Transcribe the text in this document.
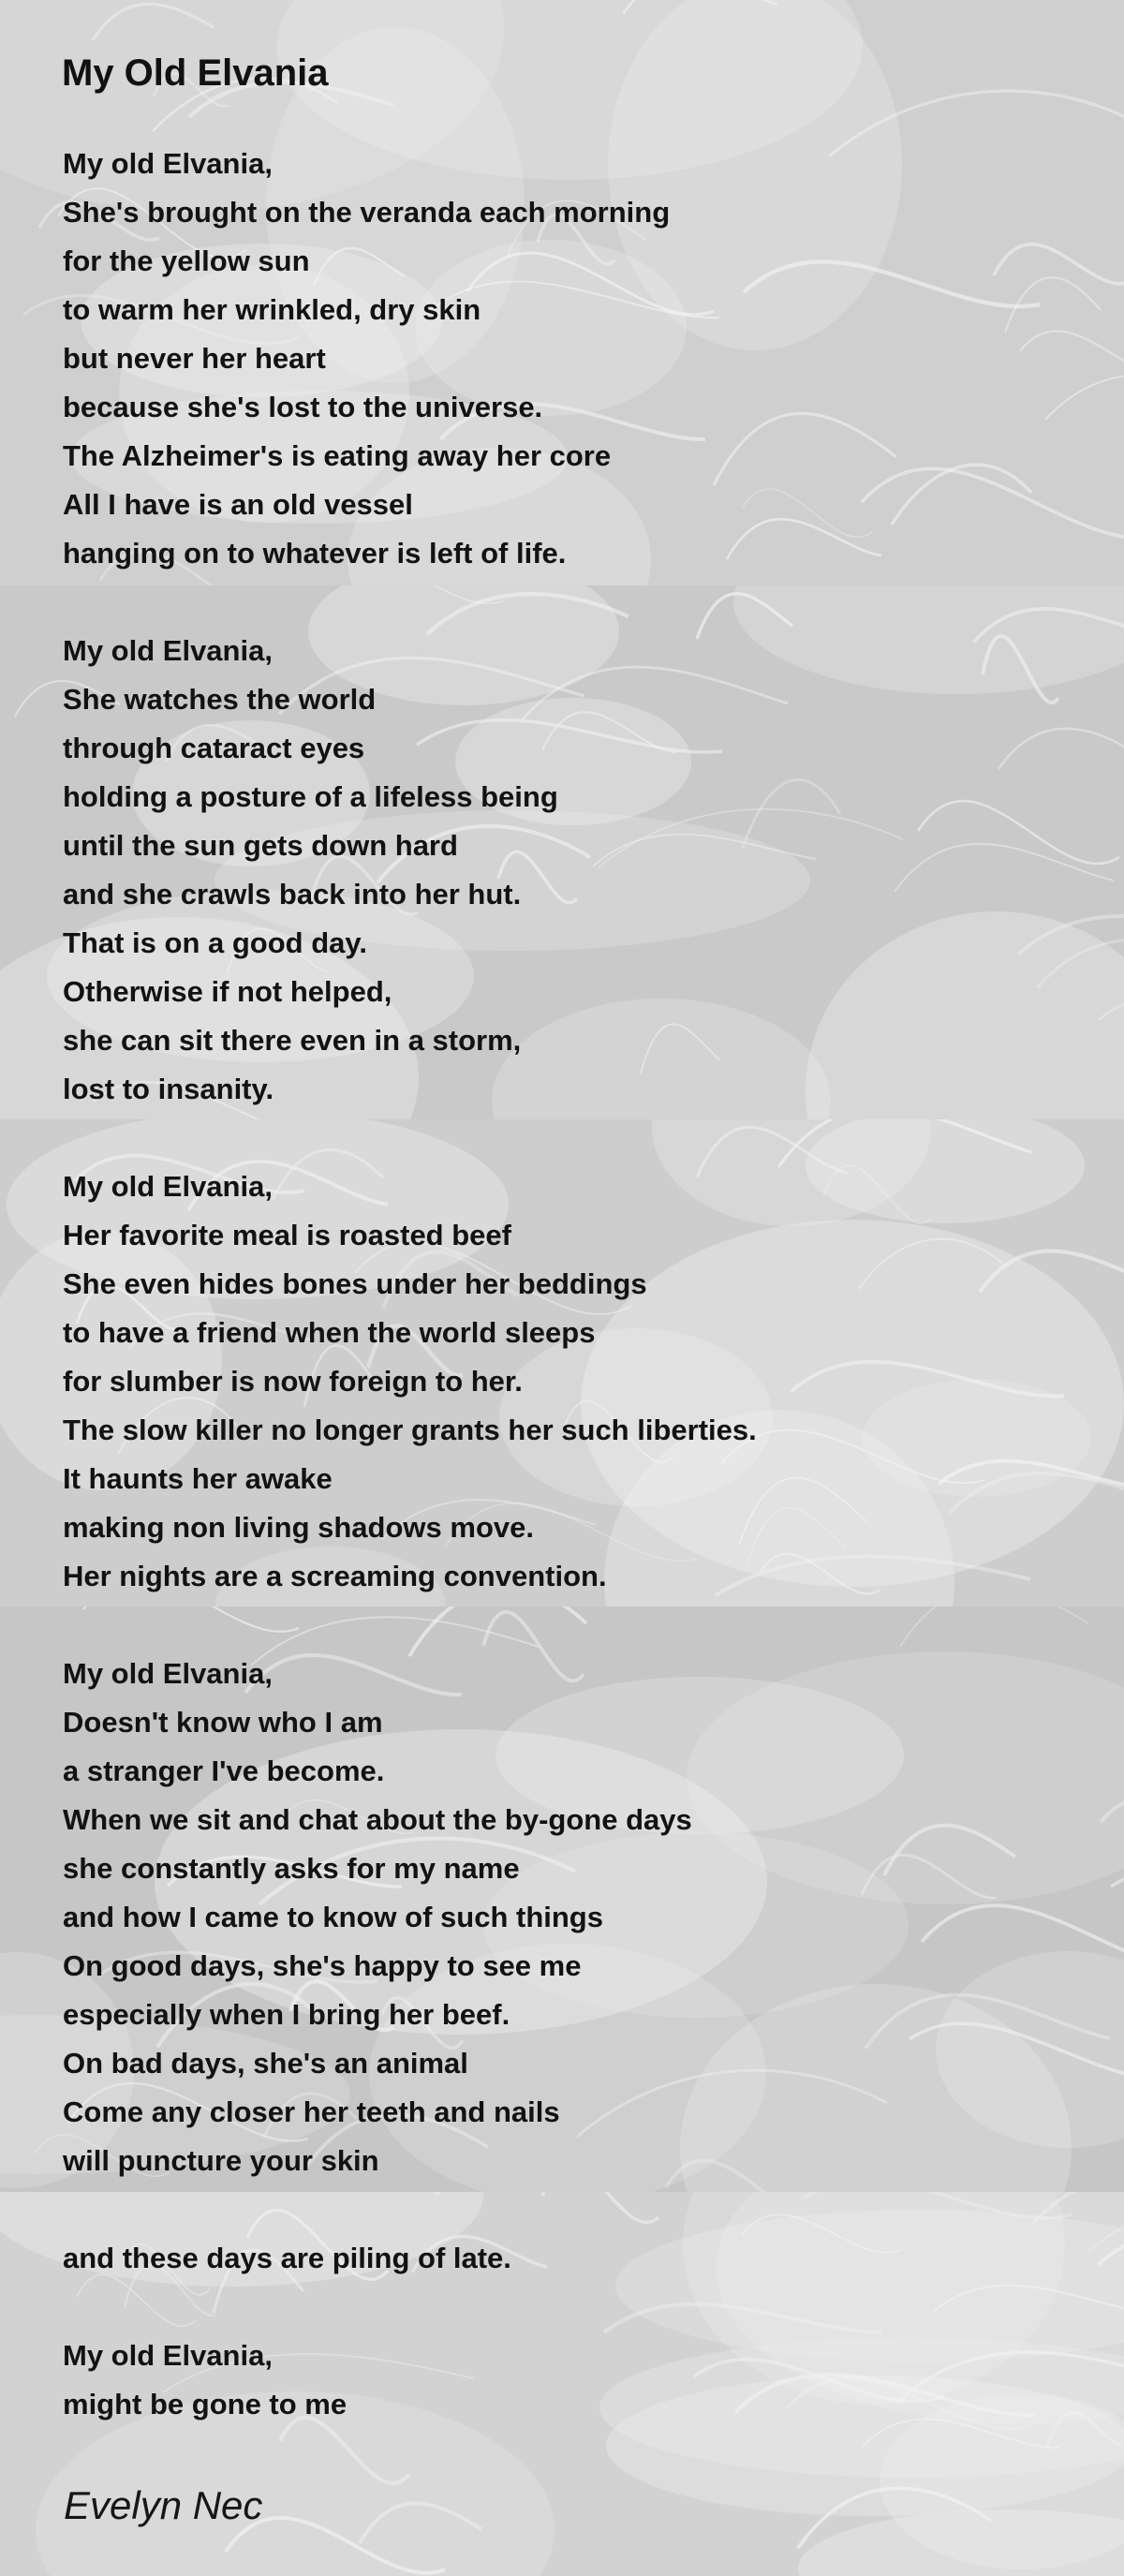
My Old Elvania
My old Elvania,
She's brought on the veranda each morning
for the yellow sun
to warm her wrinkled, dry skin
but never her heart
because she's lost to the universe.
The Alzheimer's is eating away her core
All I have is an old vessel
hanging on to whatever is left of life.
My old Elvania,
She watches the world
through cataract eyes
holding a posture of a lifeless being
until the sun gets down hard
and she crawls back into her hut.
That is on a good day.
Otherwise if not helped,
she can sit there even in a storm,
lost to insanity.
My old Elvania,
Her favorite meal is roasted beef
She even hides bones under her beddings
to have a friend when the world sleeps
for slumber is now foreign to her.
The slow killer no longer grants her such liberties.
It haunts her awake
making non living shadows move.
Her nights are a screaming convention.
My old Elvania,
Doesn't know who I am
a stranger I've become.
When we sit and chat about the by-gone days
she constantly asks for my name
and how I came to know of such things
On good days, she's happy to see me
especially when I bring her beef.
On bad days, she's an animal
Come any closer her teeth and nails
will puncture your skin
and these days are piling of late.
My old Elvania,
might be gone to me
Evelyn Nec
